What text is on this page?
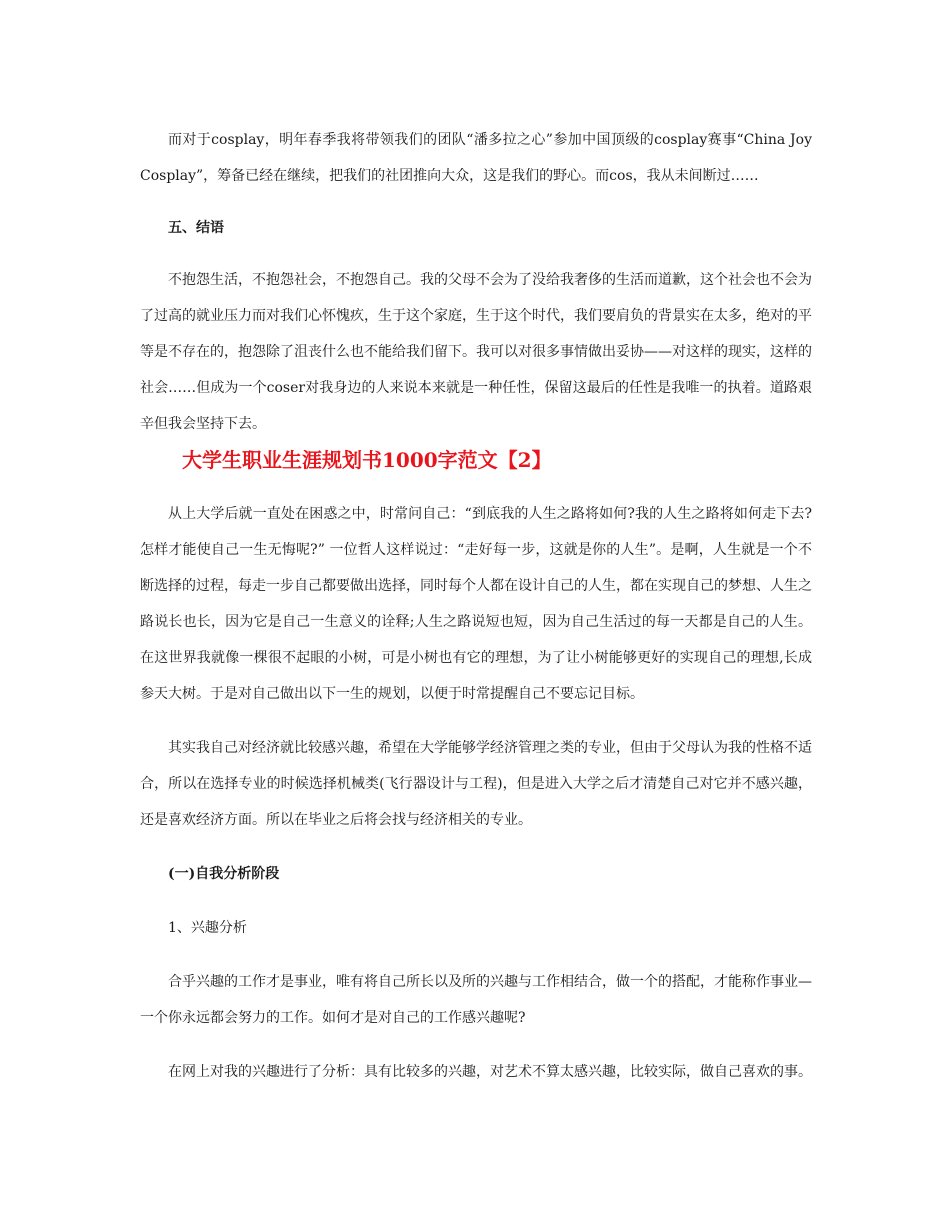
而对于cosplay，明年春季我将带领我们的团队“潘多拉之心”参加中国顶级的cosplay赛事“China Joy Cosplay”，筹备已经在继续，把我们的社团推向大众，这是我们的野心。而cos，我从未间断过……

五、结语

不抱怨生活，不抱怨社会，不抱怨自己。我的父母不会为了没给我奢侈的生活而道歉，这个社会也不会为了过高的就业压力而对我们心怀愧疚，生于这个家庭，生于这个时代，我们要肩负的背景实在太多，绝对的平等是不存在的，抱怨除了沮丧什么也不能给我们留下。我可以对很多事情做出妥协——对这样的现实，这样的社会……但成为一个coser对我身边的人来说本来就是一种任性，保留这最后的任性是我唯一的执着。道路艰辛但我会坚持下去。

大学生职业生涯规划书1000字范文【2】

从上大学后就一直处在困惑之中，时常问自己：“到底我的人生之路将如何?我的人生之路将如何走下去?怎样才能使自己一生无悔呢?” 一位哲人这样说过：“走好每一步，这就是你的人生”。是啊，人生就是一个不断选择的过程，每走一步自己都要做出选择，同时每个人都在设计自己的人生，都在实现自己的梦想、人生之路说长也长，因为它是自己一生意义的诠释;人生之路说短也短，因为自己生活过的每一天都是自己的人生。在这世界我就像一棵很不起眼的小树，可是小树也有它的理想，为了让小树能够更好的实现自己的理想,长成参天大树。于是对自己做出以下一生的规划，以便于时常提醒自己不要忘记目标。

其实我自己对经济就比较感兴趣，希望在大学能够学经济管理之类的专业，但由于父母认为我的性格不适合，所以在选择专业的时候选择机械类(飞行器设计与工程)，但是进入大学之后才清楚自己对它并不感兴趣，还是喜欢经济方面。所以在毕业之后将会找与经济相关的专业。

(一)自我分析阶段

1、兴趣分析

合乎兴趣的工作才是事业，唯有将自己所长以及所的兴趣与工作相结合，做一个的搭配，才能称作事业—一个你永远都会努力的工作。如何才是对自己的工作感兴趣呢?

在网上对我的兴趣进行了分析：具有比较多的兴趣，对艺术不算太感兴趣，比较实际，做自己喜欢的事。
